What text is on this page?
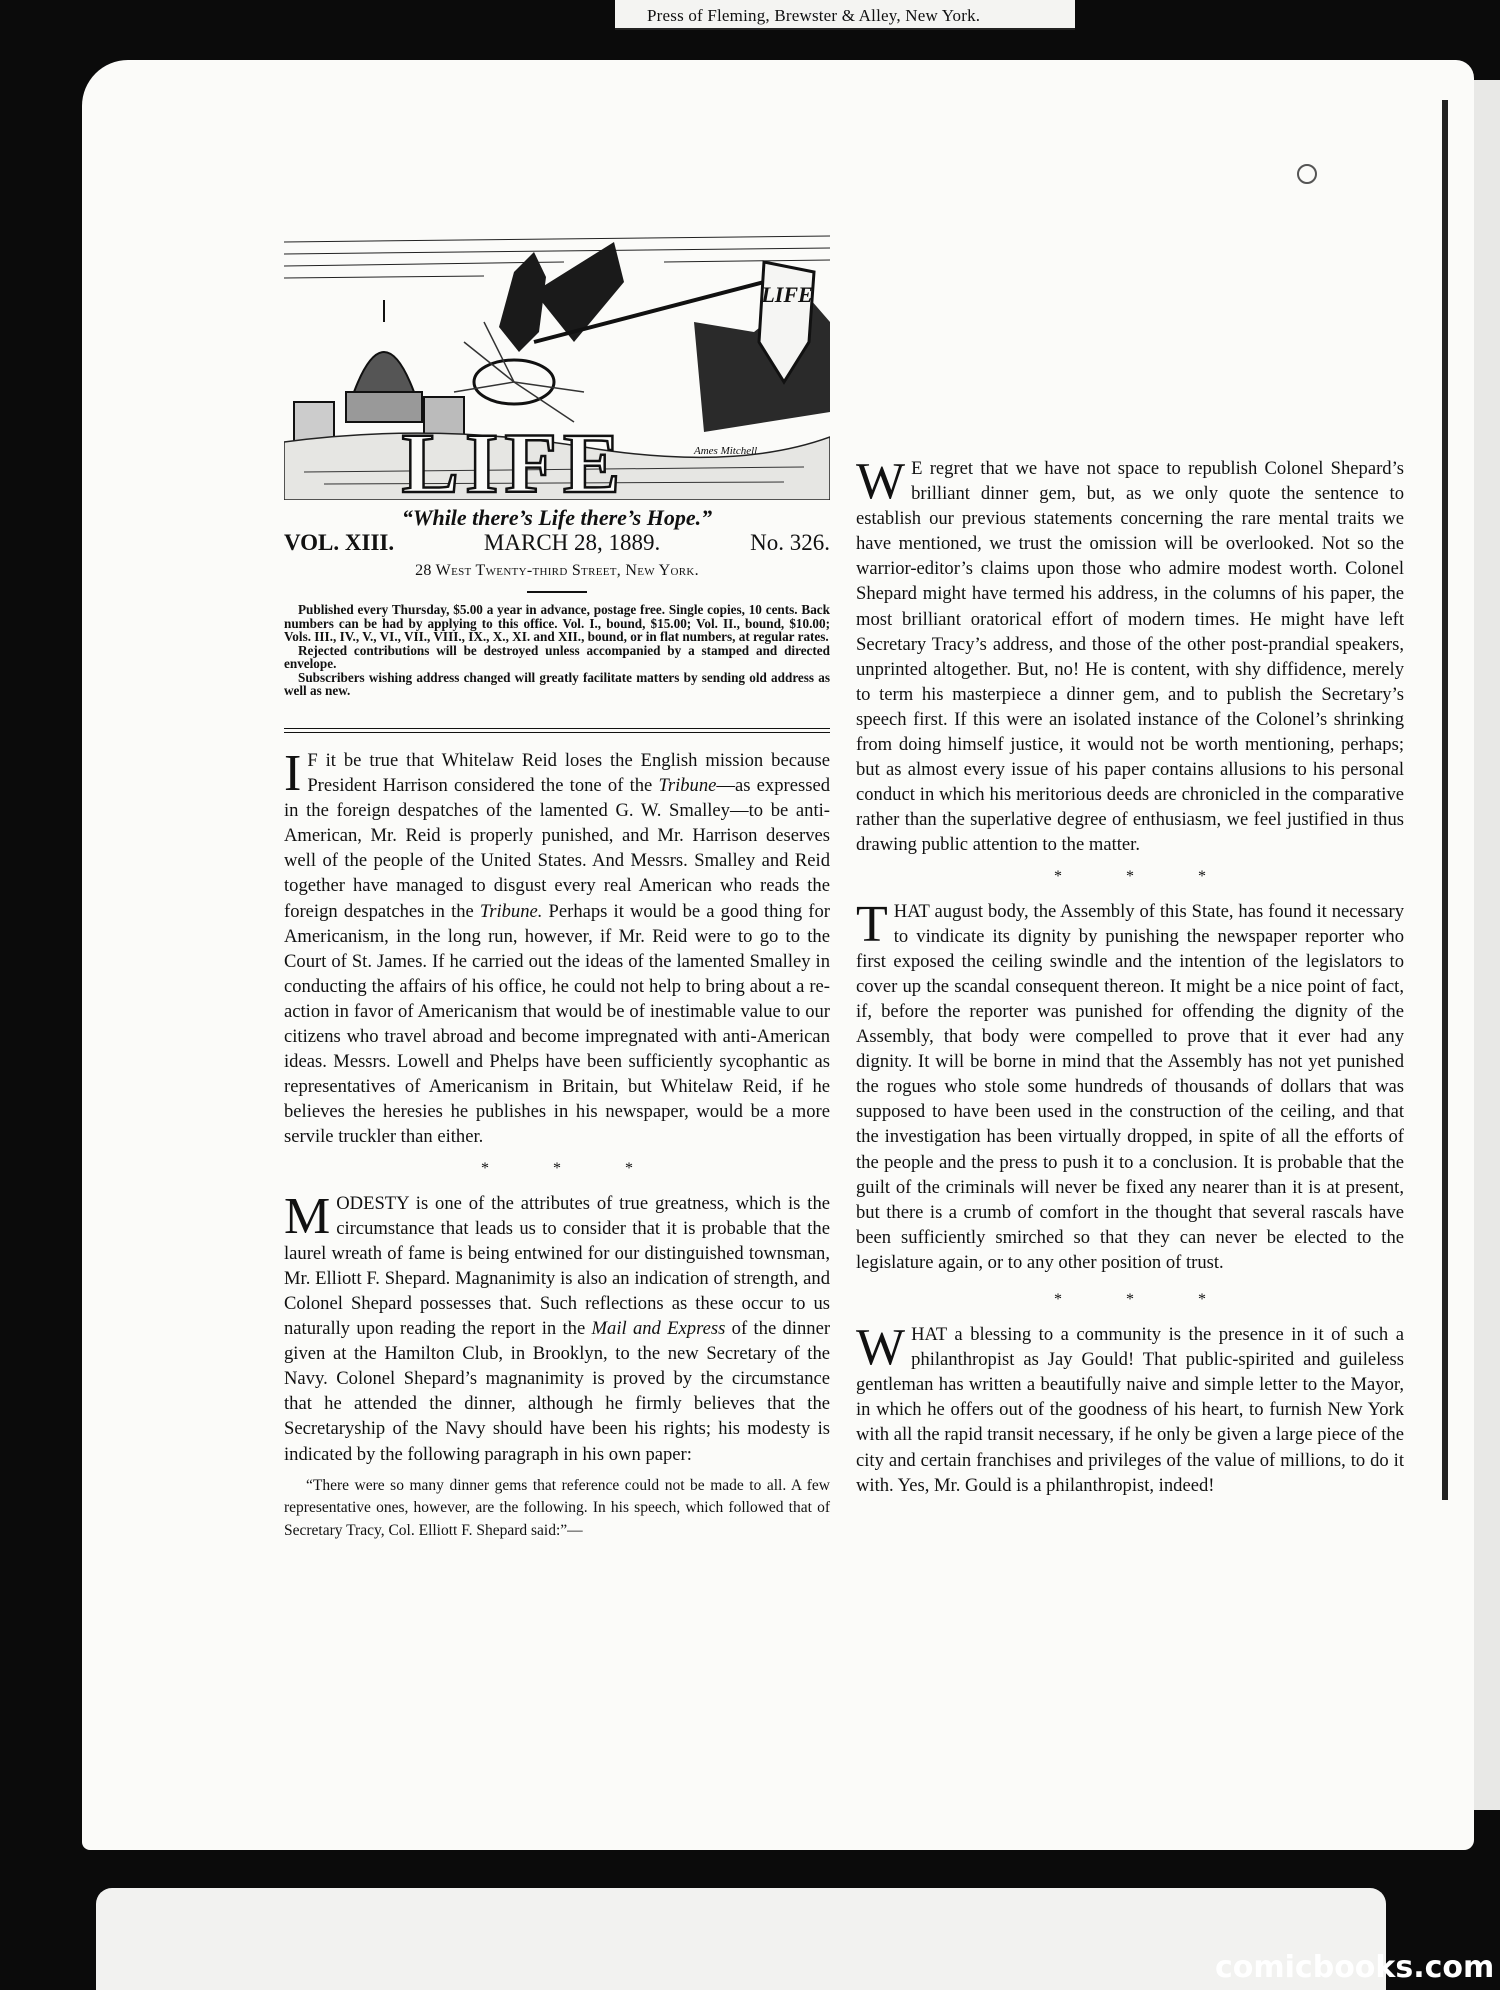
Press of Fleming, Brewster & Alley, New York.
LIFE
Ames Mitchell
LIFE
“While there’s Life there’s Hope.”
VOL. XIII.	MARCH 28, 1889.	No. 326.
28 West Twenty-third Street, New York.

Published every Thursday, $5.00 a year in advance, postage free. Single copies, 10 cents. Back numbers can be had by applying to this office. Vol. I., bound, $15.00; Vol. II., bound, $10.00; Vols. III., IV., V., VI., VII., VIII., IX., X., XI. and XII., bound, or in flat numbers, at regular rates.

Rejected contributions will be destroyed unless accompanied by a stamped and directed envelope.

Subscribers wishing address changed will greatly facilitate matters by sending old address as well as new.

I F it be true that Whitelaw Reid loses the English mission because President Harrison considered the tone of the Tribune—as expressed in the foreign despatches of the lamented G. W. Smalley—to be anti-American, Mr. Reid is properly punished, and Mr. Harrison deserves well of the people of the United States. And Messrs. Smalley and Reid together have managed to disgust every real American who reads the foreign despatches in the Tribune. Perhaps it would be a good thing for Americanism, in the long run, however, if Mr. Reid were to go to the Court of St. James. If he carried out the ideas of the lamented Smalley in conducting the affairs of his office, he could not help to bring about a re-action in favor of Americanism that would be of inestimable value to our citizens who travel abroad and become impregnated with anti-American ideas. Messrs. Lowell and Phelps have been sufficiently sycophantic as representatives of Americanism in Britain, but Whitelaw Reid, if he believes the heresies he publishes in his newspaper, would be a more servile truckler than either.

* * *

MODESTY is one of the attributes of true greatness, which is the circumstance that leads us to consider that it is probable that the laurel wreath of fame is being entwined for our distinguished townsman, Mr. Elliott F. Shepard. Magnanimity is also an indication of strength, and Colonel Shepard possesses that. Such reflections as these occur to us naturally upon reading the report in the Mail and Express of the dinner given at the Hamilton Club, in Brooklyn, to the new Secretary of the Navy. Colonel Shepard’s magnanimity is proved by the circumstance that he attended the dinner, although he firmly believes that the Secretaryship of the Navy should have been his rights; his modesty is indicated by the following paragraph in his own paper:

“There were so many dinner gems that reference could not be made to all. A few representative ones, however, are the following. In his speech, which followed that of Secretary Tracy, Col. Elliott F. Shepard said:”—

W E regret that we have not space to republish Colonel Shepard’s brilliant dinner gem, but, as we only quote the sentence to establish our previous statements concerning the rare mental traits we have mentioned, we trust the omission will be overlooked. Not so the warrior-editor’s claims upon those who admire modest worth. Colonel Shepard might have termed his address, in the columns of his paper, the most brilliant oratorical effort of modern times. He might have left Secretary Tracy’s address, and those of the other post-prandial speakers, unprinted altogether. But, no! He is content, with shy diffidence, merely to term his masterpiece a dinner gem, and to publish the Secretary’s speech first. If this were an isolated instance of the Colonel’s shrinking from doing himself justice, it would not be worth mentioning, perhaps; but as almost every issue of his paper contains allusions to his personal conduct in which his meritorious deeds are chronicled in the comparative rather than the superlative degree of enthusiasm, we feel justified in thus drawing public attention to the matter.

* * *

THAT august body, the Assembly of this State, has found it necessary to vindicate its dignity by punishing the newspaper reporter who first exposed the ceiling swindle and the intention of the legislators to cover up the scandal consequent thereon. It might be a nice point of fact, if, before the reporter was punished for offending the dignity of the Assembly, that body were compelled to prove that it ever had any dignity. It will be borne in mind that the Assembly has not yet punished the rogues who stole some hundreds of thousands of dollars that was supposed to have been used in the construction of the ceiling, and that the investigation has been virtually dropped, in spite of all the efforts of the people and the press to push it to a conclusion. It is probable that the guilt of the criminals will never be fixed any nearer than it is at present, but there is a crumb of comfort in the thought that several rascals have been sufficiently smirched so that they can never be elected to the legislature again, or to any other position of trust.

* * *

WHAT a blessing to a community is the presence in it of such a philanthropist as Jay Gould! That public-spirited and guileless gentleman has written a beautifully naive and simple letter to the Mayor, in which he offers out of the goodness of his heart, to furnish New York with all the rapid transit necessary, if he only be given a large piece of the city and certain franchises and privileges of the value of millions, to do it with. Yes, Mr. Gould is a philanthropist, indeed!

comicbooks.com
